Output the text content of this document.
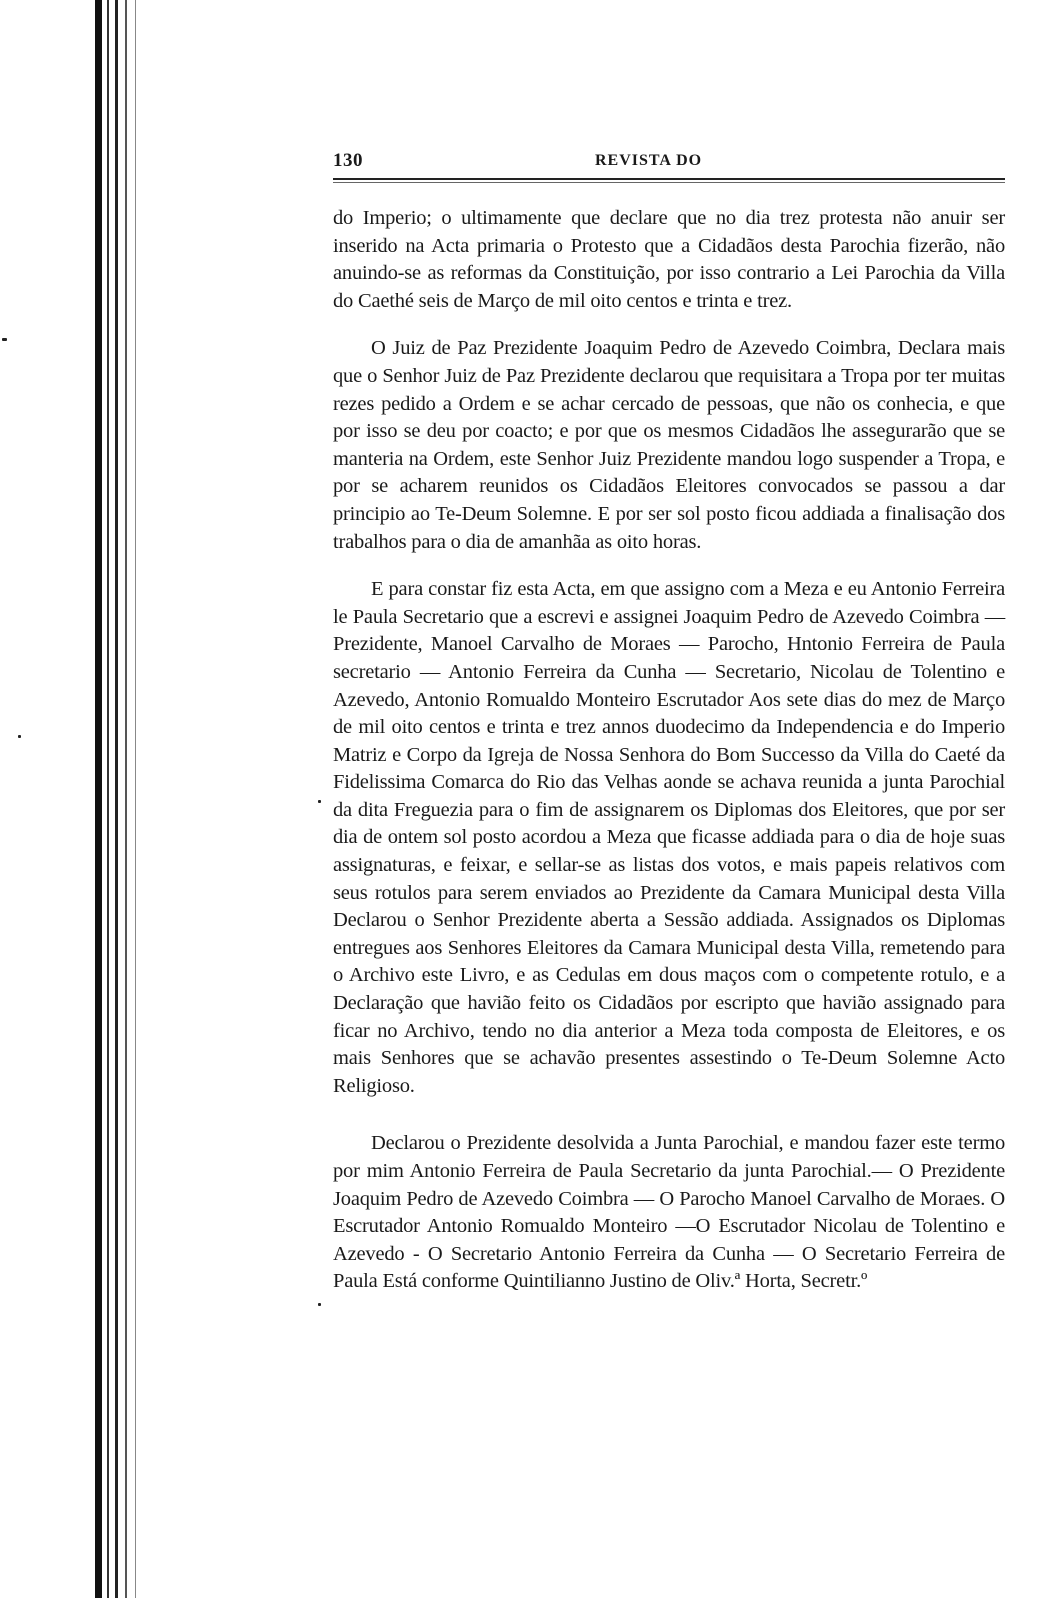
130	REVISTA DO

do Imperio; o ultimamente que declare que no dia trez protesta não anuir ser inserido na Acta primaria o Protesto que a Cidadãos desta Parochia fizerão, não anuindo-se as reformas da Constituição, por isso contrario a Lei Parochia da Villa do Caethé seis de Março de mil oito centos e trinta e trez.

O Juiz de Paz Prezidente Joaquim Pedro de Azevedo Coimbra, Declara mais que o Senhor Juiz de Paz Prezidente declarou que requisitara a Tropa por ter muitas rezes pedido a Ordem e se achar cercado de pessoas, que não os conhecia, e que por isso se deu por coacto; e por que os mesmos Cidadãos lhe assegurarão que se manteria na Ordem, este Senhor Juiz Prezidente mandou logo suspender a Tropa, e por se acharem reunidos os Cidadãos Eleitores convocados se passou a dar principio ao Te-Deum Solemne. E por ser sol posto ficou addiada a finalisação dos trabalhos para o dia de amanhãa as oito horas.

E para constar fiz esta Acta, em que assigno com a Meza e eu Antonio Ferreira le Paula Secretario que a escrevi e assignei Joaquim Pedro de Azevedo Coimbra — Prezidente, Manoel Carvalho de Moraes — Parocho, Hntonio Ferreira de Paula secretario — Antonio Ferreira da Cunha — Secretario, Nicolau de Tolentino e Azevedo, Antonio Romualdo Monteiro Escrutador Aos sete dias do mez de Março de mil oito centos e trinta e trez annos duodecimo da Independencia e do Imperio Matriz e Corpo da Igreja de Nossa Senhora do Bom Successo da Villa do Caeté da Fidelissima Comarca do Rio das Velhas aonde se achava reunida a junta Parochial da dita Freguezia para o fim de assignarem os Diplomas dos Eleitores, que por ser dia de ontem sol posto acordou a Meza que ficasse addiada para o dia de hoje suas assignaturas, e feixar, e sellar-se as listas dos votos, e mais papeis relativos com seus rotulos para serem enviados ao Prezidente da Camara Municipal desta Villa Declarou o Senhor Prezidente aberta a Sessão addiada. Assignados os Diplomas entregues aos Senhores Eleitores da Camara Municipal desta Villa, remetendo para o Archivo este Livro, e as Cedulas em dous maços com o competente rotulo, e a Declaração que havião feito os Cidadãos por escripto que havião assignado para ficar no Archivo, tendo no dia anterior a Meza toda composta de Eleitores, e os mais Senhores que se achavão presentes assestindo o Te-Deum Solemne Acto Religioso.

Declarou o Prezidente desolvida a Junta Parochial, e mandou fazer este termo por mim Antonio Ferreira de Paula Secretario da junta Parochial.— O Prezidente Joaquim Pedro de Azevedo Coimbra — O Parocho Manoel Carvalho de Moraes. O Escrutador Antonio Romualdo Monteiro —O Escrutador Nicolau de Tolentino e Azevedo - O Secretario Antonio Ferreira da Cunha — O Secretario Ferreira de Paula Está conforme Quintilianno Justino de Oliv.ª Horta, Secretr.º
